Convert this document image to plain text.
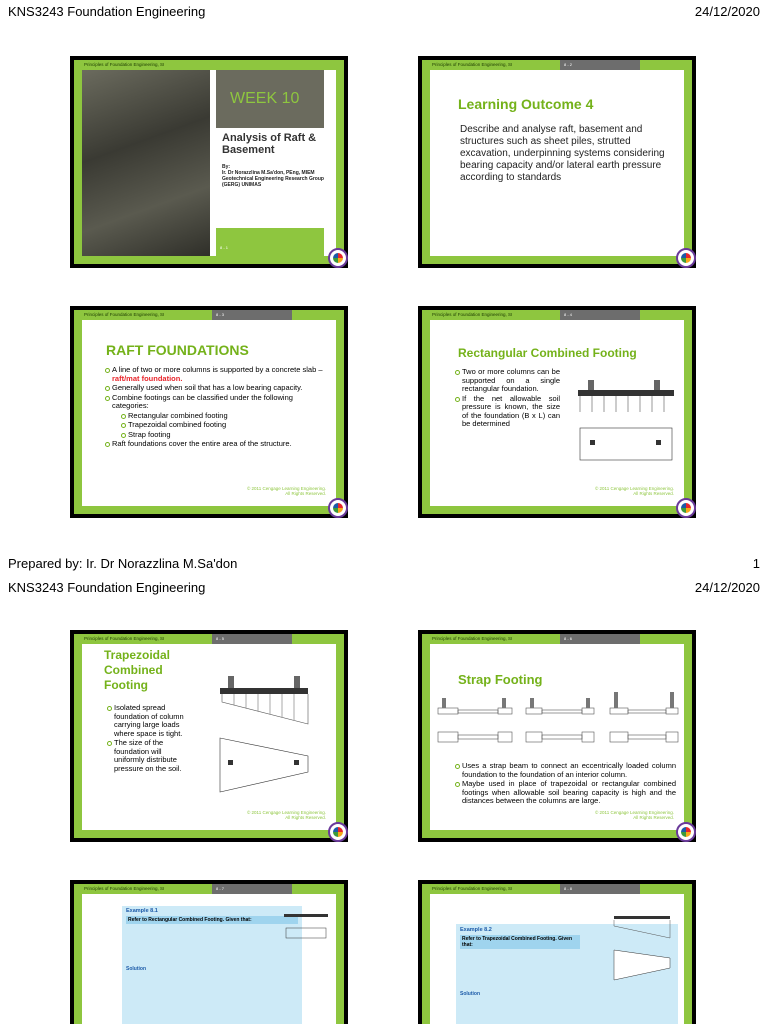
KNS3243 Foundation Engineering	24/12/2020
Principles of Foundation Engineering, SI
WEEK 10
Analysis of Raft & Basement
By:
Ir. Dr Norazzlina M.Sa'don, PEng, MIEM
Geotechnical Engineering Research Group (GERG) UNIMAS
8 - 1
Principles of Foundation Engineering, SI	8 - 2
Learning Outcome 4
Describe and analyse raft, basement and structures such as sheet piles, strutted excavation, underpinning systems considering bearing capacity and/or lateral earth pressure according to standards
Principles of Foundation Engineering, SI	8 - 3
RAFT FOUNDATIONS
A line of two or more columns is supported by a concrete slab – raft/mat foundation.
Generally used when soil that has a low bearing capacity.
Combine footings can be classified under the following categories:
Rectangular combined footing
Trapezoidal combined footing
Strap footing
Raft foundations cover the entire area of the structure.
© 2011 Cengage Learning Engineering. All Rights Reserved.
Principles of Foundation Engineering, SI	8 - 4
Rectangular Combined Footing
Two or more columns can be supported on a single rectangular foundation.
If the net allowable soil pressure is known, the size of the foundation (B x L) can be determined
© 2011 Cengage Learning Engineering. All Rights Reserved.
Prepared by: Ir. Dr Norazzlina M.Sa'don	1
KNS3243 Foundation Engineering	24/12/2020
Principles of Foundation Engineering, SI	8 - 5
Trapezoidal Combined Footing
Isolated spread foundation of column carrying large loads where space is tight.
The size of the foundation will uniformly distribute pressure on the soil.
© 2011 Cengage Learning Engineering. All Rights Reserved.
Principles of Foundation Engineering, SI	8 - 6
Strap Footing
Uses a strap beam to connect an eccentrically loaded column foundation to the foundation of an interior column.
Maybe used in place of trapezoidal or rectangular combined footings when allowable soil bearing capacity is high and the distances between the columns are large.
© 2011 Cengage Learning Engineering. All Rights Reserved.
Principles of Foundation Engineering, SI	8 - 7
Example 8.1
Refer to Rectangular Combined Footing. Given that:
Solution
Principles of Foundation Engineering, SI	8 - 8
Example 8.2
Refer to Trapezoidal Combined Footing. Given that:
Solution
